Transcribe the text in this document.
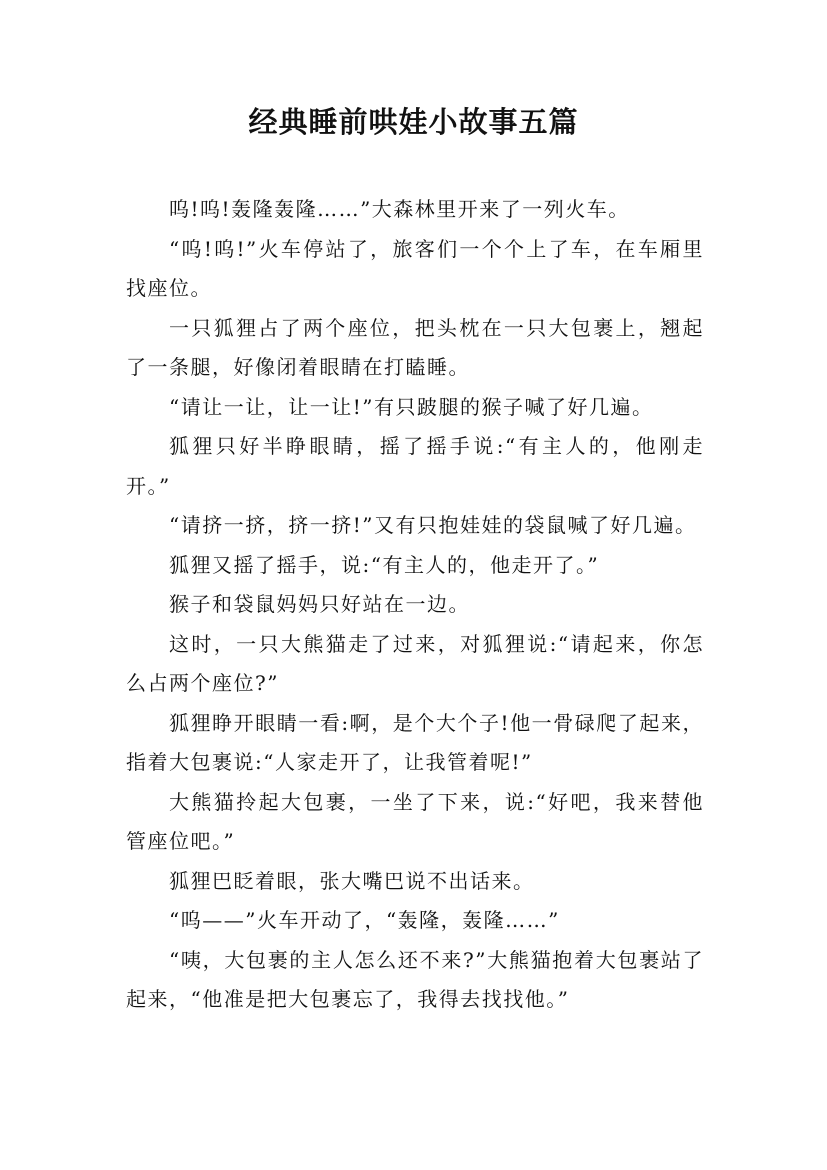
经典睡前哄娃小故事五篇

呜!呜!轰隆轰隆……”大森林里开来了一列火车。

“呜!呜!”火车停站了，旅客们一个个上了车，在车厢里找座位。

一只狐狸占了两个座位，把头枕在一只大包裹上，翘起了一条腿，好像闭着眼睛在打瞌睡。

“请让一让，让一让!”有只跛腿的猴子喊了好几遍。

狐狸只好半睁眼睛，摇了摇手说:“有主人的，他刚走开。”

“请挤一挤，挤一挤!”又有只抱娃娃的袋鼠喊了好几遍。

狐狸又摇了摇手，说:“有主人的，他走开了。”

猴子和袋鼠妈妈只好站在一边。

这时，一只大熊猫走了过来，对狐狸说:“请起来，你怎么占两个座位?”

狐狸睁开眼睛一看:啊，是个大个子!他一骨碌爬了起来，指着大包裹说:“人家走开了，让我管着呢!”

大熊猫拎起大包裹，一坐了下来，说:“好吧，我来替他管座位吧。”

狐狸巴眨着眼，张大嘴巴说不出话来。

“呜——”火车开动了，“轰隆，轰隆……”

“咦，大包裹的主人怎么还不来?”大熊猫抱着大包裹站了起来，“他准是把大包裹忘了，我得去找找他。”
